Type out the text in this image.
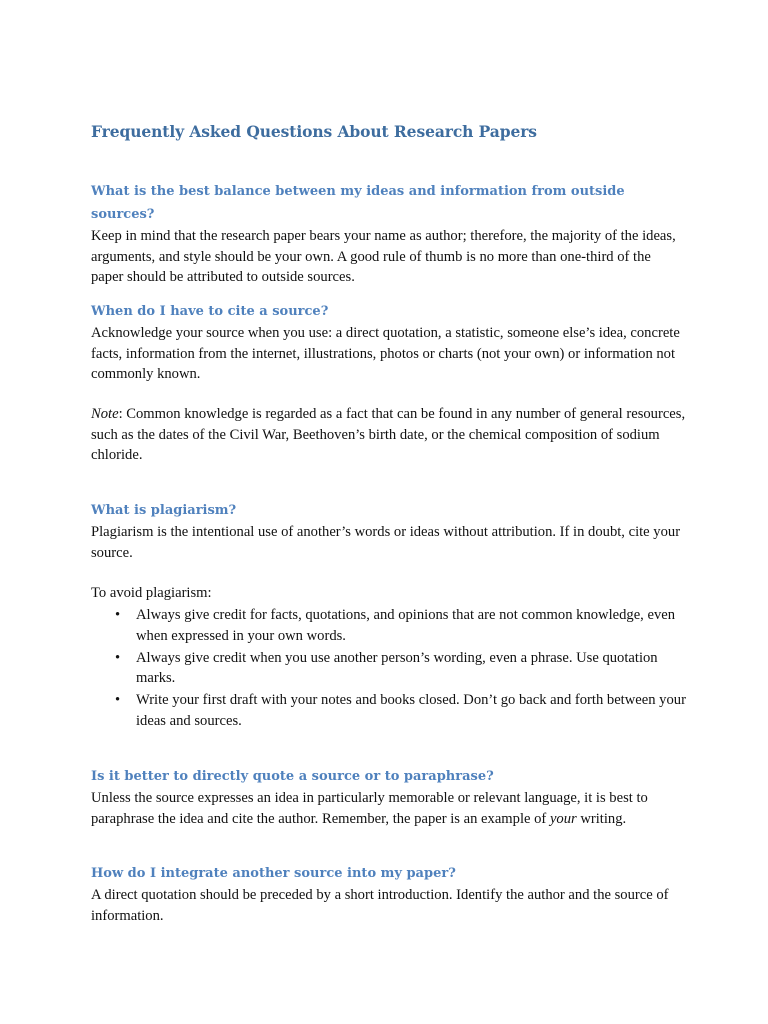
Frequently Asked Questions About Research Papers
What is the best balance between my ideas and information from outside sources?

Keep in mind that the research paper bears your name as author; therefore, the majority of the ideas, arguments, and style should be your own. A good rule of thumb is no more than one-third of the paper should be attributed to outside sources.

When do I have to cite a source?

Acknowledge your source when you use: a direct quotation, a statistic, someone else’s idea, concrete facts, information from the internet, illustrations, photos or charts (not your own) or information not commonly known.

Note: Common knowledge is regarded as a fact that can be found in any number of general resources, such as the dates of the Civil War, Beethoven’s birth date, or the chemical composition of sodium chloride.

What is plagiarism?

Plagiarism is the intentional use of another’s words or ideas without attribution. If in doubt, cite your source.

To avoid plagiarism:

• Always give credit for facts, quotations, and opinions that are not common knowledge, even when expressed in your own words.
• Always give credit when you use another person’s wording, even a phrase. Use quotation marks.
• Write your first draft with your notes and books closed. Don’t go back and forth between your ideas and sources.
Is it better to directly quote a source or to paraphrase?

Unless the source expresses an idea in particularly memorable or relevant language, it is best to paraphrase the idea and cite the author. Remember, the paper is an example of your writing.

How do I integrate another source into my paper?

A direct quotation should be preceded by a short introduction. Identify the author and the source of information.
